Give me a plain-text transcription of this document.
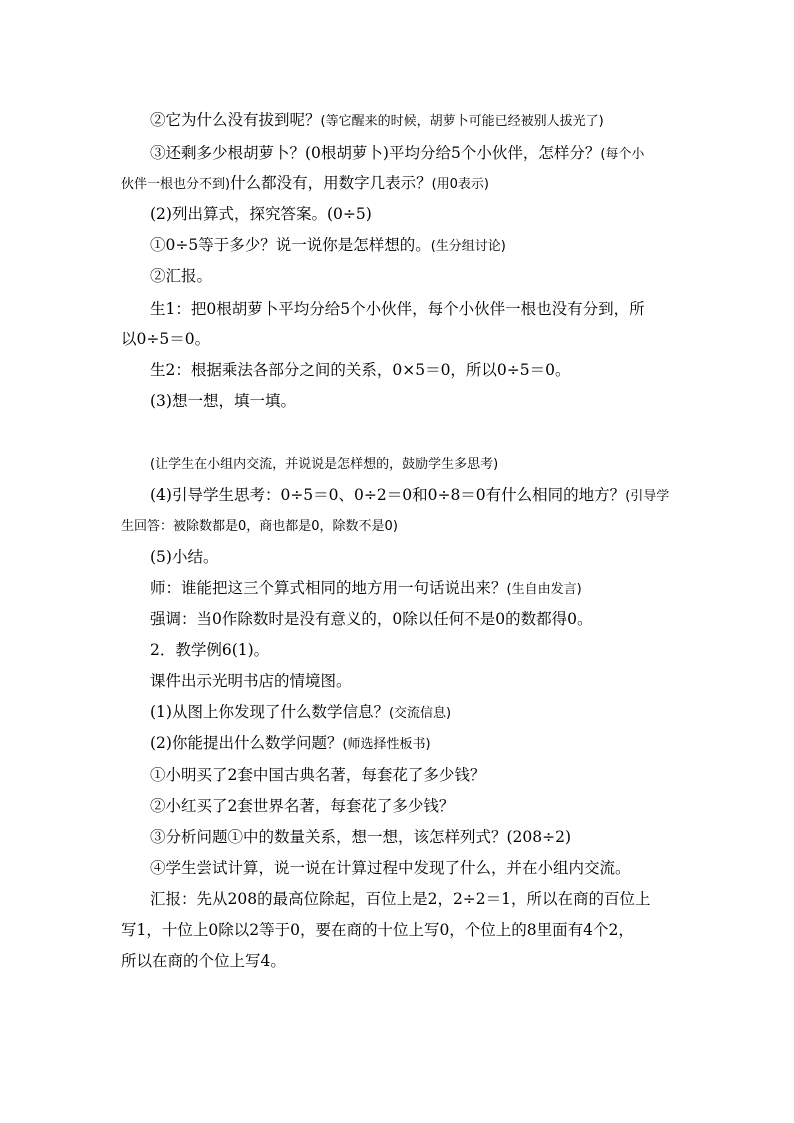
②它为什么没有拔到呢？(等它醒来的时候，胡萝卜可能已经被别人拔光了)
③还剩多少根胡萝卜？(0根胡萝卜)平均分给5个小伙伴，怎样分？(每个小
伙伴一根也分不到)什么都没有，用数字几表示？(用0表示)
(2)列出算式，探究答案。(0÷5)
①0÷5等于多少？说一说你是怎样想的。(生分组讨论)
②汇报。
生1：把0根胡萝卜平均分给5个小伙伴，每个小伙伴一根也没有分到，所
以0÷5＝0。
生2：根据乘法各部分之间的关系，0×5＝0，所以0÷5＝0。
(3)想一想，填一填。
(让学生在小组内交流，并说说是怎样想的，鼓励学生多思考)
(4)引导学生思考：0÷5＝0、0÷2＝0和0÷8＝0有什么相同的地方？(引导学
生回答：被除数都是0，商也都是0，除数不是0)
(5)小结。
师：谁能把这三个算式相同的地方用一句话说出来？(生自由发言)
强调：当0作除数时是没有意义的，0除以任何不是0的数都得0。
2．教学例6(1)。
课件出示光明书店的情境图。
(1)从图上你发现了什么数学信息？(交流信息)
(2)你能提出什么数学问题？(师选择性板书)
①小明买了2套中国古典名著，每套花了多少钱？
②小红买了2套世界名著，每套花了多少钱？
③分析问题①中的数量关系，想一想，该怎样列式？(208÷2)
④学生尝试计算，说一说在计算过程中发现了什么，并在小组内交流。
汇报：先从208的最高位除起，百位上是2，2÷2＝1，所以在商的百位上
写1，十位上0除以2等于0，要在商的十位上写0，个位上的8里面有4个2，
所以在商的个位上写4。
